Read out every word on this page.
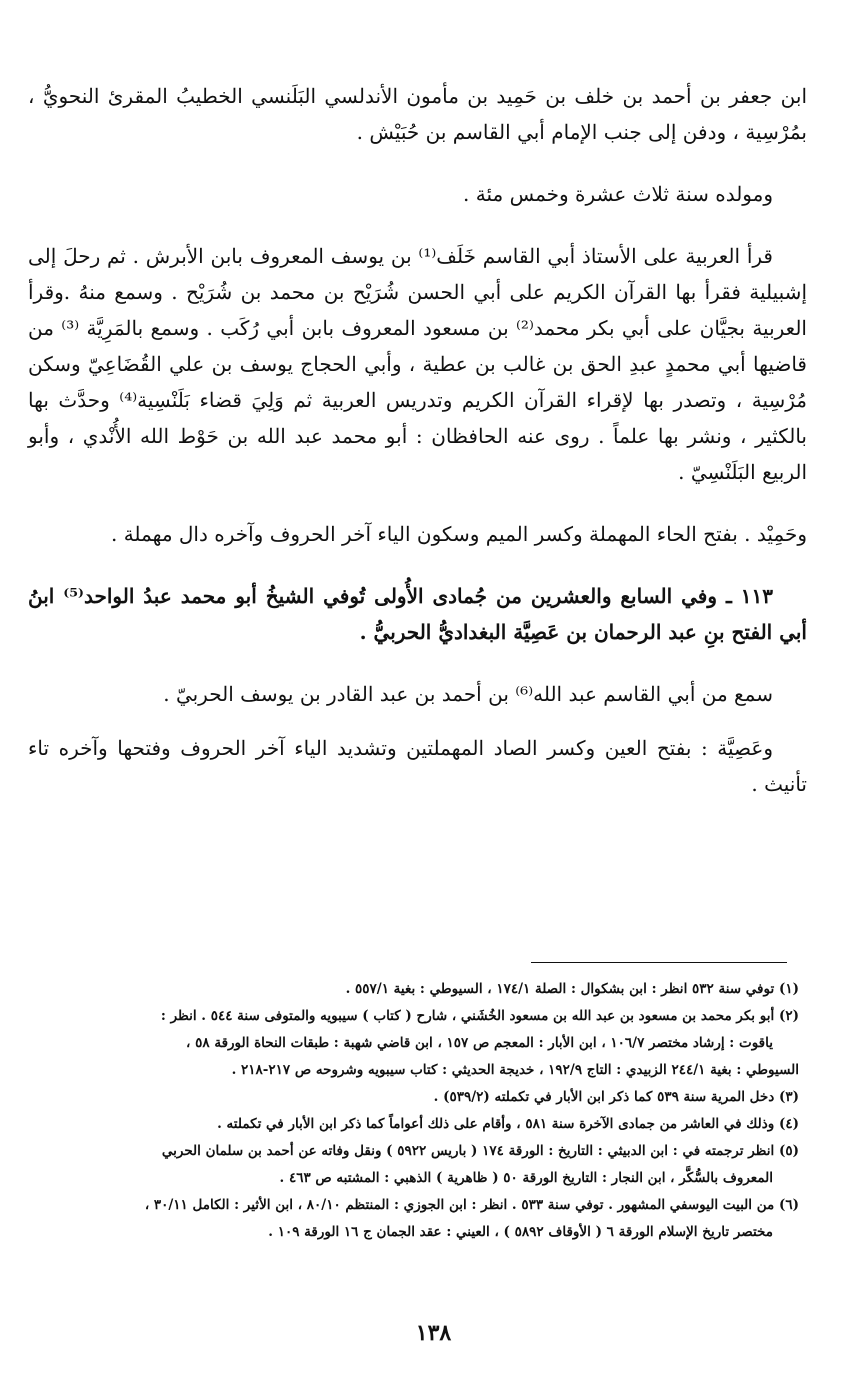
ابن جعفر بن أحمد بن خلف بن حَمِيد بن مأمون الأندلسي البَلَنسي الخطيبُ المقرئ النحويُّ ، بمُرْسِية ، ودفن إلى جنب الإمام أبي القاسم بن حُبَيْش .

ومولده سنة ثلاث عشرة وخمس مئة .

قرأ العربية على الأستاذ أبي القاسم خَلَف⁽¹⁾ بن يوسف المعروف بابن الأبرش . ثم رحلَ إلى إشبيلية فقرأ بها القرآن الكريم على أبي الحسن شُرَيْح بن محمد بن شُرَيْح . وسمع منهُ .وقرأ العربية بجيَّان على أبي بكر محمد⁽²⁾ بن مسعود المعروف بابن أبي رُكَب . وسمع بالمَرِيَّة ⁽³⁾ من قاضيها أبي محمدٍ عبدِ الحق بن غالب بن عطية ، وأبي الحجاج يوسف بن علي القُضَاعِيّ وسكن مُرْسِية ، وتصدر بها لإقراء القرآن الكريم وتدريس العربية ثم وَلِيَ قضاء بَلَنْسِية⁽⁴⁾ وحدَّث بها بالكثير ، ونشر بها علماً . روى عنه الحافظان : أبو محمد عبد الله بن حَوْط الله الأُنْدي ، وأبو الربيع البَلَنْسِيّ .

وحَمِيْد . بفتح الحاء المهملة وكسر الميم وسكون الياء آخر الحروف وآخره دال مهملة .

١١٣ ـ وفي السابع والعشرين من جُمادى الأُولى تُوفي الشيخُ أبو محمد عبدُ الواحد⁽⁵⁾ ابنُ أبي الفتح بنِ عبد الرحمان بن عَصِيَّة البغداديُّ الحربيُّ .

سمع من أبي القاسم عبد الله⁽⁶⁾ بن أحمد بن عبد القادر بن يوسف الحربيّ .

وعَصِيَّة : بفتح العين وكسر الصاد المهملتين وتشديد الياء آخر الحروف وفتحها وآخره تاء تأنيث .

(١) توفي سنة ٥٣٢ انظر : ابن بشكوال : الصلة ١٧٤/١ ، السيوطي : بغية ٥٥٧/١ .

(٢) أبو بكر محمد بن مسعود بن عبد الله بن مسعود الخُشَني ، شارح ( كتاب ) سيبويه والمتوفى سنة ٥٤٤ . انظر :

ياقوت : إرشاد مختصر ١٠٦/٧ ، ابن الأبار : المعجم ص ١٥٧ ، ابن قاضي شهبة : طبقات النحاة الورقة ٥٨ ،

السيوطي : بغية ٢٤٤/١ الزبيدي : التاج ١٩٢/٩ ، خديجة الحديثي : كتاب سيبويه وشروحه ص ٢١٧-٢١٨ .

(٣) دخل المرية سنة ٥٣٩ كما ذكر ابن الأبار في تكملته (٥٣٩/٢) .

(٤) وذلك في العاشر من جمادى الآخرة سنة ٥٨١ ، وأقام على ذلك أعواماً كما ذكر ابن الأبار في تكملته .

(٥) انظر ترجمته في : ابن الدبيثي : التاريخ : الورقة ١٧٤ ( باريس ٥٩٢٢ ) ونقل وفاته عن أحمد بن سلمان الحربي

المعروف بالسُّكَّر ، ابن النجار : التاريخ الورقة ٥٠ ( ظاهرية ) الذهبي : المشتبه ص ٤٦٣ .

(٦) من البيت اليوسفي المشهور . توفي سنة ٥٣٣ . انظر : ابن الجوزي : المنتظم ٨٠/١٠ ، ابن الأثير : الكامل ٣٠/١١ ،

مختصر تاريخ الإسلام الورقة ٦ ( الأوقاف ٥٨٩٢ ) ، العيني : عقد الجمان ج ١٦ الورقة ١٠٩ .

١٣٨
